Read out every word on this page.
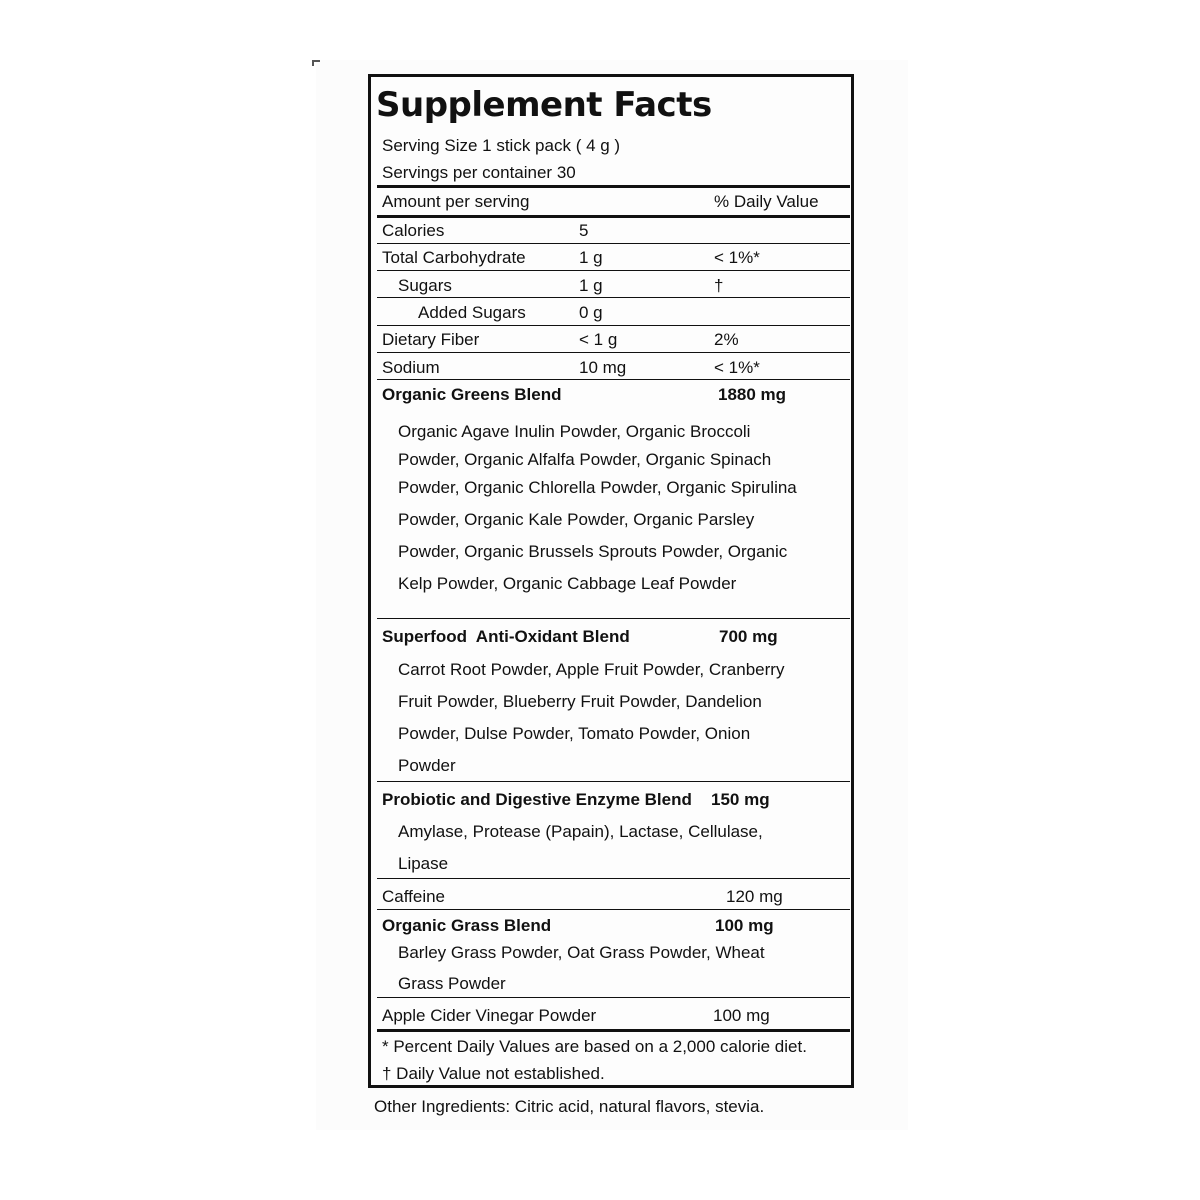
Supplement Facts
Serving Size 1 stick pack ( 4 g )
Servings per container 30
Amount per serving	% Daily Value
Calories	5
Total Carbohydrate	1 g	< 1%*
Sugars	1 g	†
Added Sugars	0 g
Dietary Fiber	< 1 g	2%
Sodium	10 mg	< 1%*
Organic Greens Blend	1880 mg
Organic Agave Inulin Powder, Organic Broccoli
Powder, Organic Alfalfa Powder, Organic Spinach
Powder, Organic Chlorella Powder, Organic Spirulina
Powder, Organic Kale Powder, Organic Parsley
Powder, Organic Brussels Sprouts Powder, Organic
Kelp Powder, Organic Cabbage Leaf Powder
Superfood  Anti-Oxidant Blend	700 mg
Carrot Root Powder, Apple Fruit Powder, Cranberry
Fruit Powder, Blueberry Fruit Powder, Dandelion
Powder, Dulse Powder, Tomato Powder, Onion
Powder
Probiotic and Digestive Enzyme Blend 150 mg
Amylase, Protease (Papain), Lactase, Cellulase,
Lipase
Caffeine	120 mg
Organic Grass Blend	100 mg
Barley Grass Powder, Oat Grass Powder, Wheat
Grass Powder
Apple Cider Vinegar Powder	100 mg
* Percent Daily Values are based on a 2,000 calorie diet.
† Daily Value not established.
Other Ingredients: Citric acid, natural flavors, stevia.
